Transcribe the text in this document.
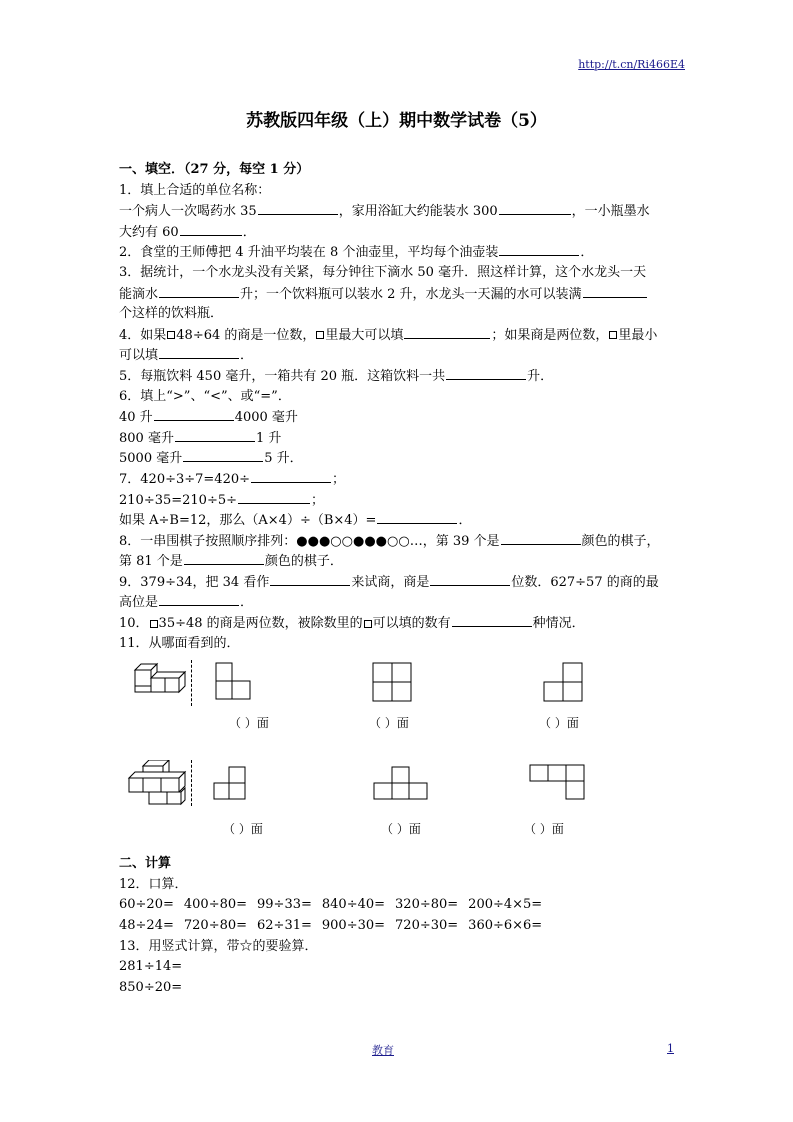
http://t.cn/Ri466E4
苏教版四年级（上）期中数学试卷（5）
一、填空．（27 分，每空 1 分）
1．填上合适的单位名称：
一个病人一次喝药水 35	，家用浴缸大约能装水 300	，一小瓶墨水
大约有 60	．
2．食堂的王师傅把 4 升油平均装在 8 个油壶里，平均每个油壶装	．
3．据统计，一个水龙头没有关紧，每分钟往下滴水 50 毫升．照这样计算，这个水龙头一天
能滴水	升；一个饮料瓶可以装水 2 升，水龙头一天漏的水可以装满
个这样的饮料瓶．
4．如果 48÷64 的商是一位数， 里最大可以填	；如果商是两位数， 里最小
可以填	．
5．每瓶饮料 450 毫升，一箱共有 20 瓶．这箱饮料一共	升．
6．填上“>”、“<”、或“=”．
40 升	4000 毫升
800 毫升	1 升
5000 毫升	5 升．
7．420÷3÷7=420÷	；
210÷35=210÷5÷	；
如果 A÷B=12，那么（A×4）÷（B×4）=	．
8．一串围棋子按照顺序排列：●●●○○●●●○○…，第 39 个是	颜色的棋子，
第 81 个是	颜色的棋子．
9．379÷34，把 34 看作	来试商，商是	位数．627÷57 的商的最
高位是	．
10． 35÷48 的商是两位数，被除数里的 可以填的数有	种情况．
11．从哪面看到的．
（ ）面	（ ）面	（ ）面
（ ）面	（ ）面	（ ）面
二、计算
12．口算．
60÷20= 400÷80= 99÷33= 840÷40= 320÷80= 200÷4×5=
48÷24= 720÷80= 62÷31= 900÷30= 720÷30= 360÷6×6=
13．用竖式计算，带☆的要验算．
281÷14=
850÷20=
教育	1
